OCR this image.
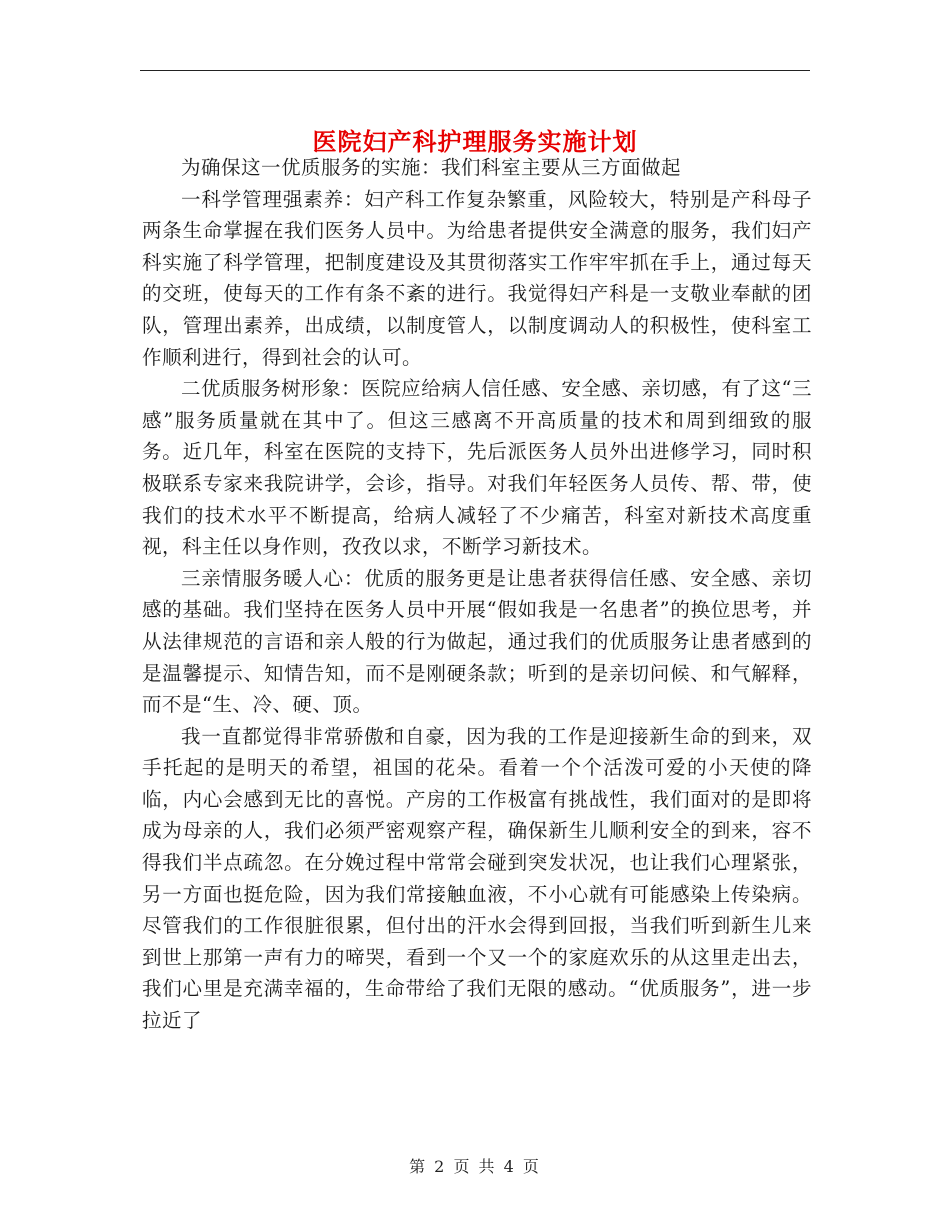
医院妇产科护理服务实施计划

为确保这一优质服务的实施：我们科室主要从三方面做起

一科学管理强素养：妇产科工作复杂繁重，风险较大，特别是产科母子两条生命掌握在我们医务人员中。为给患者提供安全满意的服务，我们妇产科实施了科学管理，把制度建设及其贯彻落实工作牢牢抓在手上，通过每天的交班，使每天的工作有条不紊的进行。我觉得妇产科是一支敬业奉献的团队，管理出素养，出成绩，以制度管人，以制度调动人的积极性，使科室工作顺利进行，得到社会的认可。

二优质服务树形象：医院应给病人信任感、安全感、亲切感，有了这“三感”服务质量就在其中了。但这三感离不开高质量的技术和周到细致的服务。近几年，科室在医院的支持下，先后派医务人员外出进修学习，同时积极联系专家来我院讲学，会诊，指导。对我们年轻医务人员传、帮、带，使我们的技术水平不断提高，给病人减轻了不少痛苦，科室对新技术高度重视，科主任以身作则，孜孜以求，不断学习新技术。

三亲情服务暖人心：优质的服务更是让患者获得信任感、安全感、亲切感的基础。我们坚持在医务人员中开展“假如我是一名患者”的换位思考，并从法律规范的言语和亲人般的行为做起，通过我们的优质服务让患者感到的是温馨提示、知情告知，而不是刚硬条款；听到的是亲切问候、和气解释，而不是“生、冷、硬、顶。

我一直都觉得非常骄傲和自豪，因为我的工作是迎接新生命的到来，双手托起的是明天的希望，祖国的花朵。看着一个个活泼可爱的小天使的降临，内心会感到无比的喜悦。产房的工作极富有挑战性，我们面对的是即将成为母亲的人，我们必须严密观察产程，确保新生儿顺利安全的到来，容不得我们半点疏忽。在分娩过程中常常会碰到突发状况，也让我们心理紧张，另一方面也挺危险，因为我们常接触血液，不小心就有可能感染上传染病。尽管我们的工作很脏很累，但付出的汗水会得到回报，当我们听到新生儿来到世上那第一声有力的啼哭，看到一个又一个的家庭欢乐的从这里走出去，我们心里是充满幸福的，生命带给了我们无限的感动。“优质服务”，进一步拉近了

第 2 页 共 4 页
